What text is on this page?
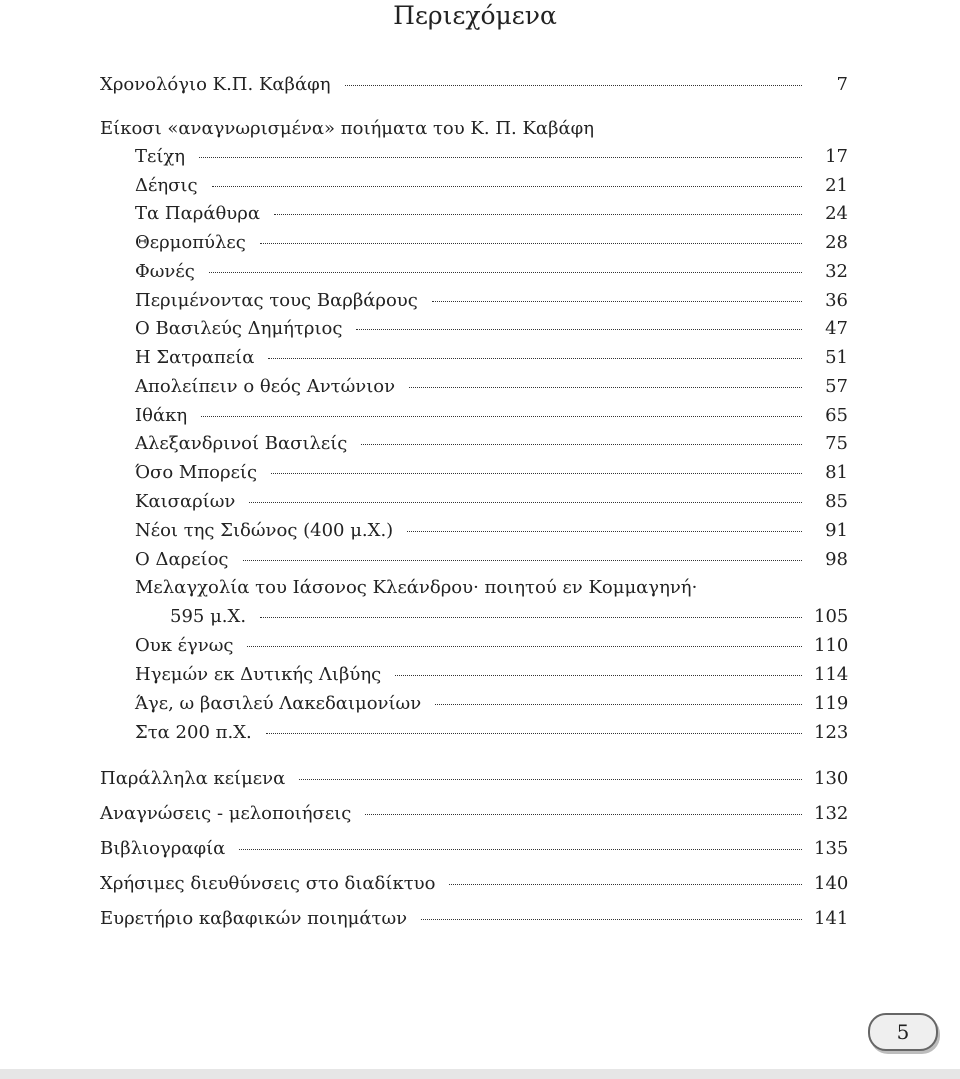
Περιεχόμενα
Χρονολόγιο Κ.Π. Καβάφη	7
Είκοσι «αναγνωρισμένα» ποιήματα του Κ. Π. Καβάφη
Τείχη	17
Δέησις	21
Τα Παράθυρα	24
Θερμοπύλες	28
Φωνές	32
Περιμένοντας τους Βαρβάρους	36
Ο Βασιλεύς Δημήτριος	47
Η Σατραπεία	51
Απολείπειν ο θεός Αντώνιον	57
Ιθάκη	65
Αλεξανδρινοί Βασιλείς	75
Όσο Μπορείς	81
Καισαρίων	85
Νέοι της Σιδώνος (400 μ.Χ.)	91
Ο Δαρείος	98
Μελαγχολία του Ιάσονος Κλεάνδρου· ποιητού εν Κομμαγηνή·
595 μ.Χ.	105
Ουκ έγνως	110
Ηγεμών εκ Δυτικής Λιβύης	114
Άγε, ω βασιλεύ Λακεδαιμονίων	119
Στα 200 π.Χ.	123
Παράλληλα κείμενα	130
Αναγνώσεις - μελοποιήσεις	132
Βιβλιογραφία	135
Χρήσιμες διευθύνσεις στο διαδίκτυο	140
Ευρετήριο καβαφικών ποιημάτων	141
5
